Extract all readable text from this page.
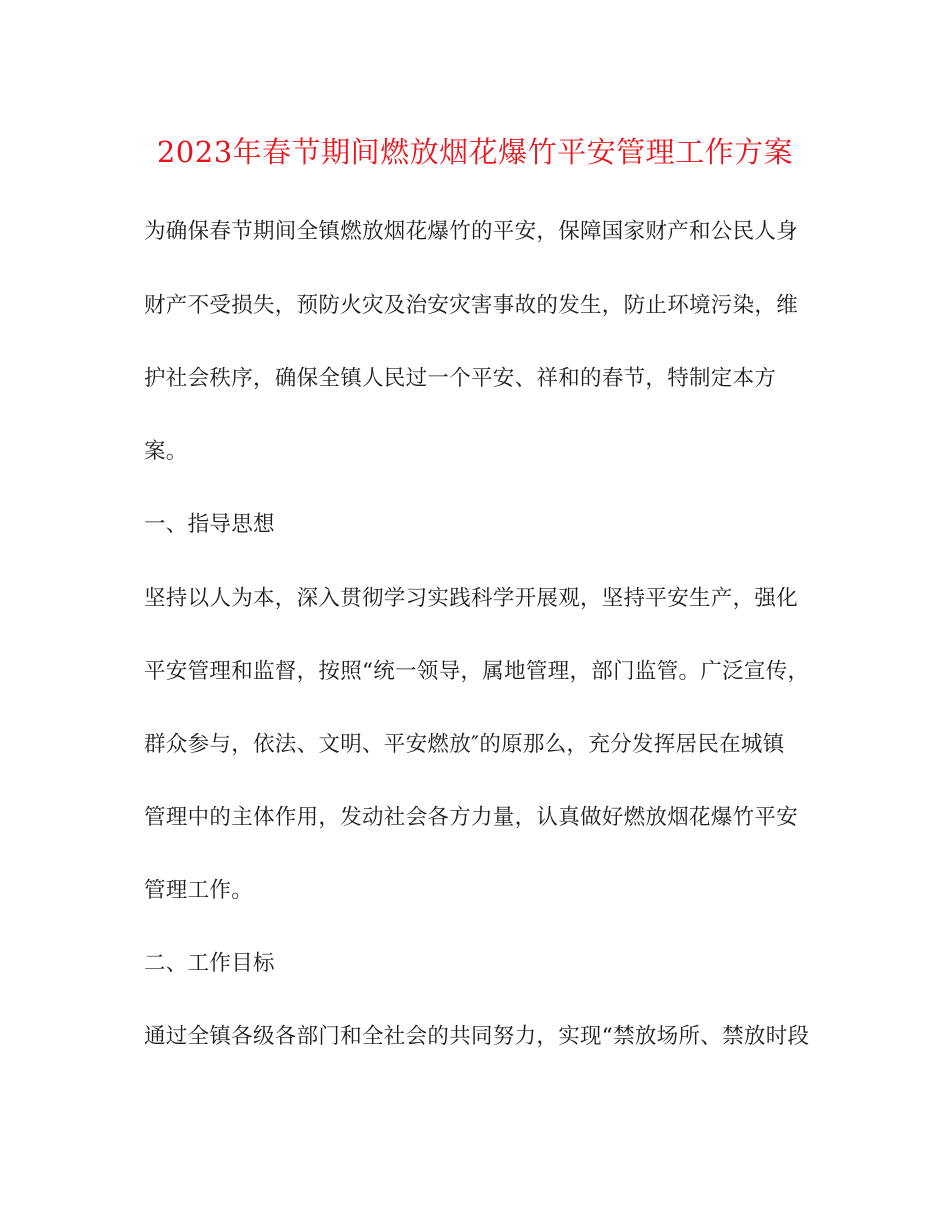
2023年春节期间燃放烟花爆竹平安管理工作方案
为确保春节期间全镇燃放烟花爆竹的平安，保障国家财产和公民人身
财产不受损失，预防火灾及治安灾害事故的发生，防止环境污染，维
护社会秩序，确保全镇人民过一个平安、祥和的春节，特制定本方
案。
一、指导思想
坚持以人为本，深入贯彻学习实践科学开展观，坚持平安生产，强化
平安管理和监督，按照“统一领导，属地管理，部门监管。广泛宣传，
群众参与，依法、文明、平安燃放″的原那么，充分发挥居民在城镇
管理中的主体作用，发动社会各方力量，认真做好燃放烟花爆竹平安
管理工作。
二、工作目标
通过全镇各级各部门和全社会的共同努力，实现“禁放场所、禁放时段
